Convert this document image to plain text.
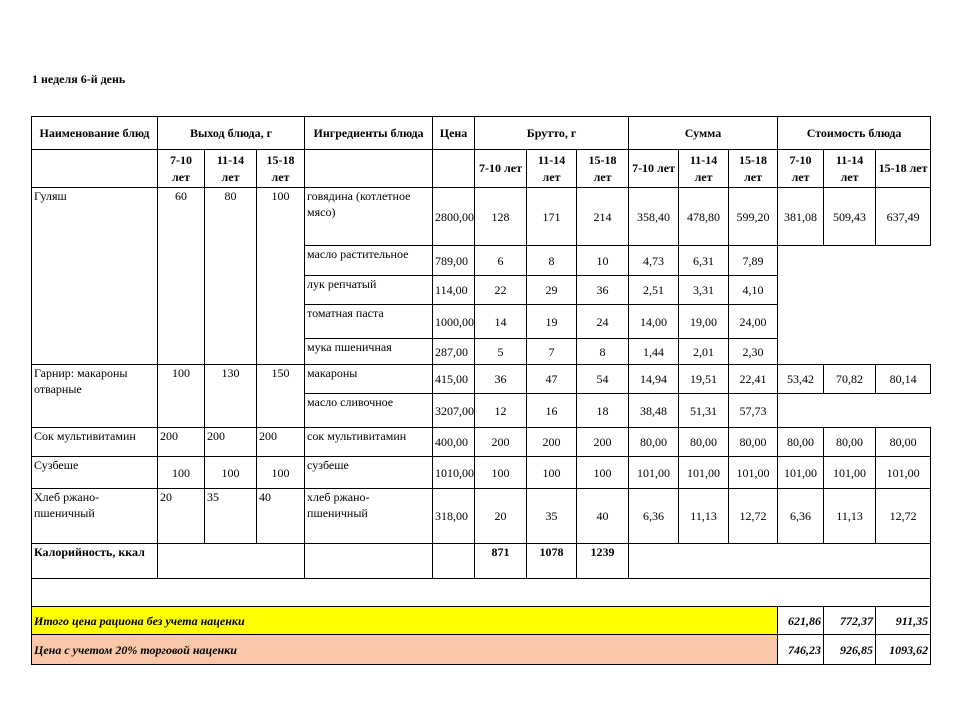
1 неделя 6-й день
Наименование блюд	Выход блюда, г			Ингредиенты блюда	Цена	Брутто, г			Сумма			Стоимость блюда		
	7-10 лет	11-14 лет	15-18 лет			7-10 лет	11-14 лет	15-18 лет	7-10 лет	11-14 лет	15-18 лет	7-10 лет	11-14 лет	15-18 лет
Гуляш	60	80	100	говядина (котлетное мясо)	2800,00	128	171	214	358,40	478,80	599,20	381,08	509,43	637,49
				масло растительное	789,00	6	8	10	4,73	6,31	7,89			
				лук репчатый	114,00	22	29	36	2,51	3,31	4,10			
				томатная паста	1000,00	14	19	24	14,00	19,00	24,00			
				мука пшеничная	287,00	5	7	8	1,44	2,01	2,30			
Гарнир: макароны отварные	100	130	150	макароны	415,00	36	47	54	14,94	19,51	22,41	53,42	70,82	80,14
				масло сливочное	3207,00	12	16	18	38,48	51,31	57,73			
Сок мультивитамин	200	200	200	сок мультивитамин	400,00	200	200	200	80,00	80,00	80,00	80,00	80,00	80,00
Сузбеше	100	100	100	сузбеше	1010,00	100	100	100	101,00	101,00	101,00	101,00	101,00	101,00
Хлеб ржано-пшеничный	20	35	40	хлеб ржано-пшеничный	318,00	20	35	40	6,36	11,13	12,72	6,36	11,13	12,72
Калорийность, ккал						871	1078	1239						

Итого цена рациона без учета наценки												621,86	772,37	911,35
Цена с учетом 20% торговой наценки												746,23	926,85	1093,62
